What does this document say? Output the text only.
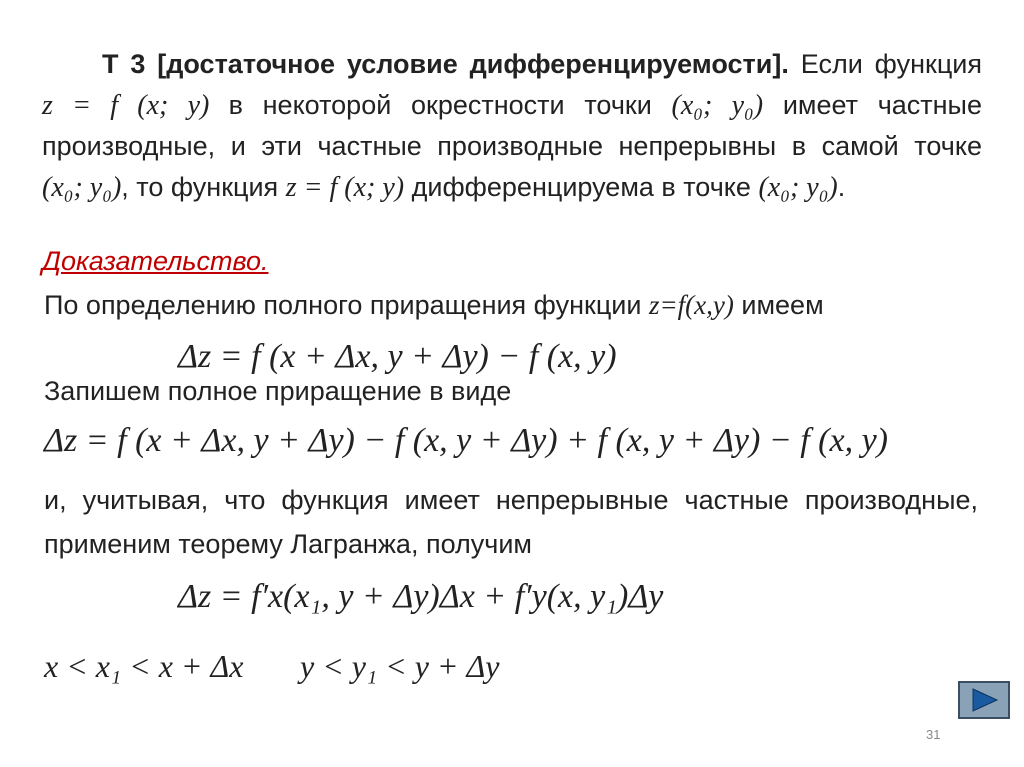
Т 3 [достаточное условие дифференцируемости]. Если функция z = f (x; y) в некоторой окрестности точки (x₀; y₀) имеет частные производные, и эти частные производные непрерывны в самой точке (x₀; y₀), то функция z = f (x; y) дифференцируема в точке (x₀; y₀).
Доказательство.
По определению полного приращения функции z=f(x,y) имеем
Δz = f (x + Δx, y + Δy) − f (x, y)
Запишем полное приращение в виде
Δz = f (x + Δx, y + Δy) − f (x, y + Δy) + f (x, y + Δy) − f (x, y)
и, учитывая, что функция имеет непрерывные частные производные, применим теорему Лагранжа, получим
Δz = f′x(x₁, y + Δy)Δx + f′y(x, y₁)Δy
x < x₁ < x + Δx y < y₁ < y + Δy
31
